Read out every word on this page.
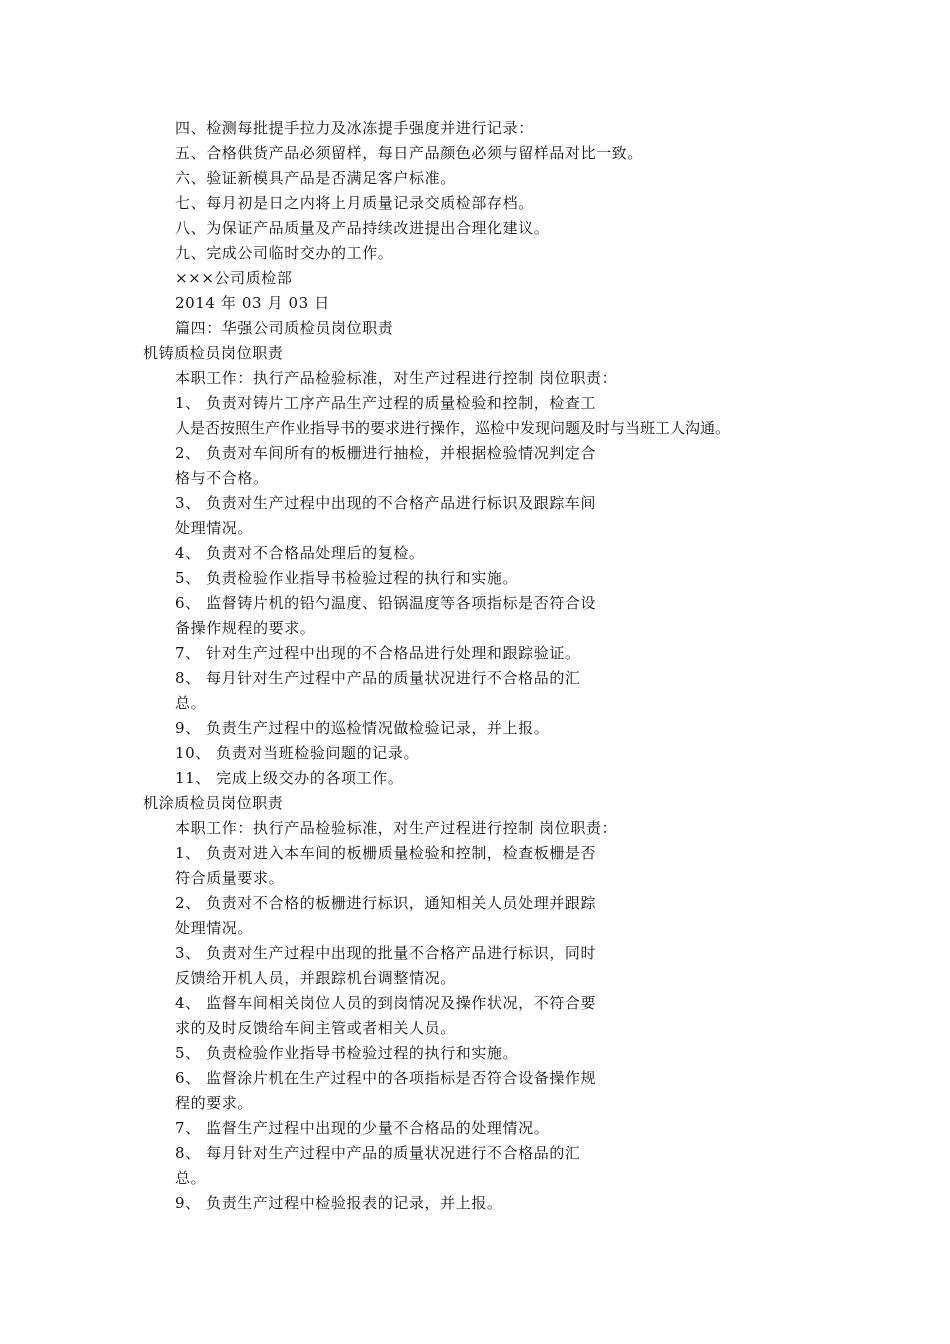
四、检测每批提手拉力及冰冻提手强度并进行记录：
五、合格供货产品必须留样，每日产品颜色必须与留样品对比一致。
六、验证新模具产品是否满足客户标准。
七、每月初是日之内将上月质量记录交质检部存档。
八、为保证产品质量及产品持续改进提出合理化建议。
九、完成公司临时交办的工作。
×××公司质检部
2014 年 03 月 03 日
篇四：华强公司质检员岗位职责
机铸质检员岗位职责
本职工作：执行产品检验标准，对生产过程进行控制 岗位职责：
1、 负责对铸片工序产品生产过程的质量检验和控制，检查工
人是否按照生产作业指导书的要求进行操作，巡检中发现问题及时与当班工人沟通。
2、 负责对车间所有的板栅进行抽检，并根据检验情况判定合
格与不合格。
3、 负责对生产过程中出现的不合格产品进行标识及跟踪车间
处理情况。
4、 负责对不合格品处理后的复检。
5、 负责检验作业指导书检验过程的执行和实施。
6、 监督铸片机的铅勺温度、铅锅温度等各项指标是否符合设
备操作规程的要求。
7、 针对生产过程中出现的不合格品进行处理和跟踪验证。
8、 每月针对生产过程中产品的质量状况进行不合格品的汇
总。
9、 负责生产过程中的巡检情况做检验记录，并上报。
10、 负责对当班检验问题的记录。
11、 完成上级交办的各项工作。
机涂质检员岗位职责
本职工作：执行产品检验标准，对生产过程进行控制 岗位职责：
1、 负责对进入本车间的板栅质量检验和控制，检查板栅是否
符合质量要求。
2、 负责对不合格的板栅进行标识，通知相关人员处理并跟踪
处理情况。
3、 负责对生产过程中出现的批量不合格产品进行标识，同时
反馈给开机人员，并跟踪机台调整情况。
4、 监督车间相关岗位人员的到岗情况及操作状况，不符合要
求的及时反馈给车间主管或者相关人员。
5、 负责检验作业指导书检验过程的执行和实施。
6、 监督涂片机在生产过程中的各项指标是否符合设备操作规
程的要求。
7、 监督生产过程中出现的少量不合格品的处理情况。
8、 每月针对生产过程中产品的质量状况进行不合格品的汇
总。
9、 负责生产过程中检验报表的记录，并上报。
